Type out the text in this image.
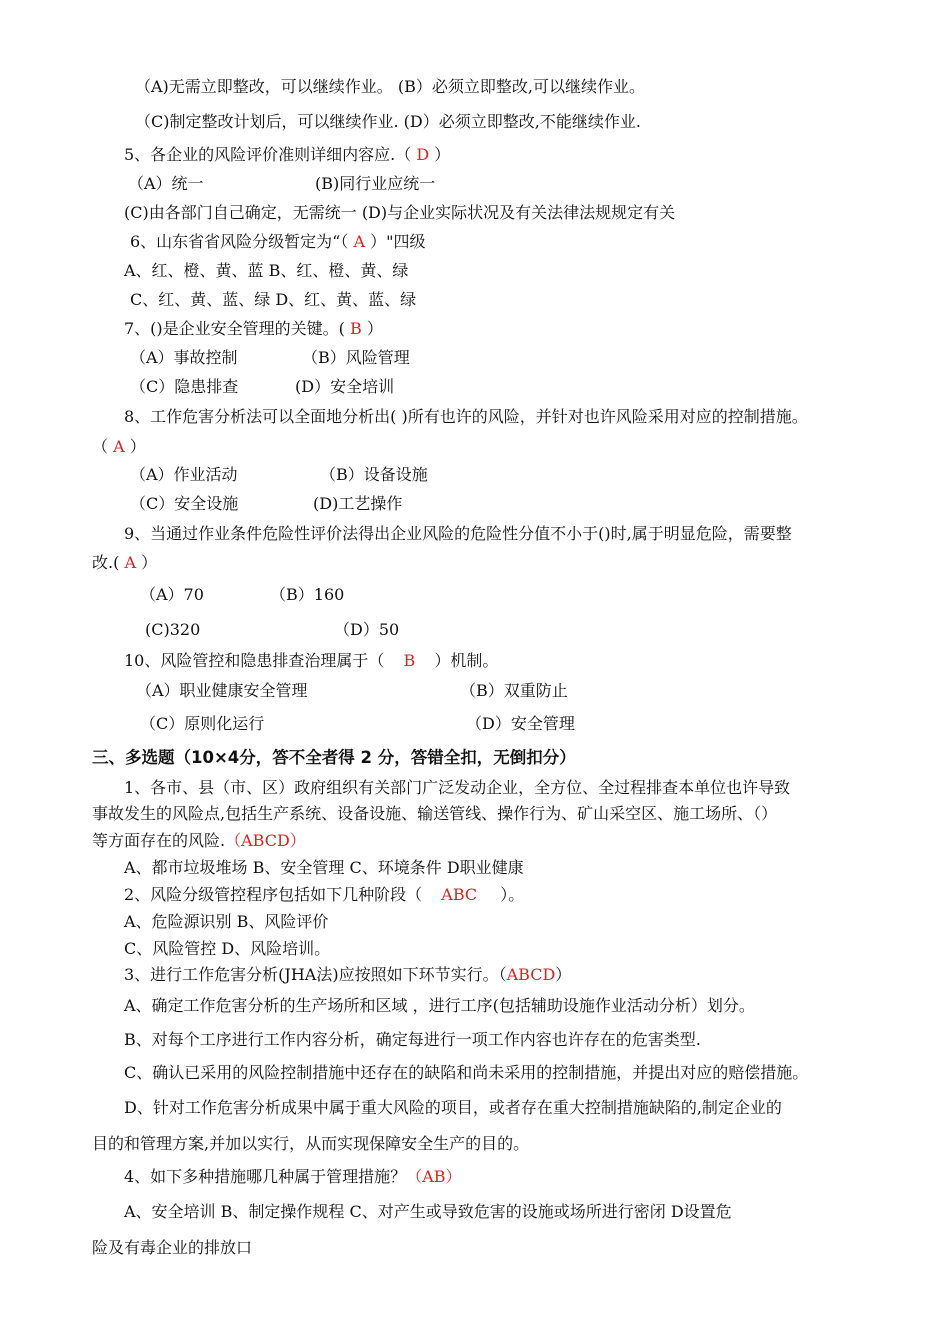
（A)无需立即整改，可以继续作业。 (B）必须立即整改,可以继续作业。
（C)制定整改计划后，可以继续作业. (D）必须立即整改,不能继续作业.
5、各企业的风险评价准则详细内容应.（ D ）
（A）统一	(B)同行业应统一
(C)由各部门自己确定，无需统一 (D)与企业实际状况及有关法律法规规定有关
6、山东省省风险分级暂定为“（ A ）"四级
A、红、橙、黄、蓝 B、红、橙、黄、绿
C、红、黄、蓝、绿 D、红、黄、蓝、绿
7、()是企业安全管理的关键。( B ）
（A）事故控制	（B）风险管理
（C）隐患排查	(D）安全培训
8、工作危害分析法可以全面地分析出( )所有也许的风险，并针对也许风险采用对应的控制措施。
（ A ）
（A）作业活动	（B）设备设施
（C）安全设施	(D)工艺操作
9、当通过作业条件危险性评价法得出企业风险的危险性分值不小于()时,属于明显危险，需要整
改.( A ）
（A）70	（B）160
(C)320	（D）50
10、风险管控和隐患排查治理属于（ B ）机制。
（A）职业健康安全管理	（B）双重防止
（C）原则化运行	（D）安全管理
三、多选题（10×4分，答不全者得 2 分，答错全扣，无倒扣分）
1、各市、县（市、区）政府组织有关部门广泛发动企业，全方位、全过程排查本单位也许导致
事故发生的风险点,包括生产系统、设备设施、输送管线、操作行为、矿山采空区、施工场所、（）
等方面存在的风险.（ABCD）
A、都市垃圾堆场 B、安全管理 C、环境条件 D职业健康
2、风险分级管控程序包括如下几种阶段（ ABC ）。
A、危险源识别 B、风险评价
C、风险管控 D、风险培训。
3、进行工作危害分析(JHA法)应按照如下环节实行。（ABCD）
A、确定工作危害分析的生产场所和区域 ，进行工序(包括辅助设施作业活动分析）划分。
B、对每个工序进行工作内容分析，确定每进行一项工作内容也许存在的危害类型.
C、确认已采用的风险控制措施中还存在的缺陷和尚未采用的控制措施，并提出对应的赔偿措施。
D、针对工作危害分析成果中属于重大风险的项目，或者存在重大控制措施缺陷的,制定企业的
目的和管理方案,并加以实行，从而实现保障安全生产的目的。
4、如下多种措施哪几种属于管理措施？（AB）
A、安全培训 B、制定操作规程 C、对产生或导致危害的设施或场所进行密闭 D设置危
险及有毒企业的排放口
